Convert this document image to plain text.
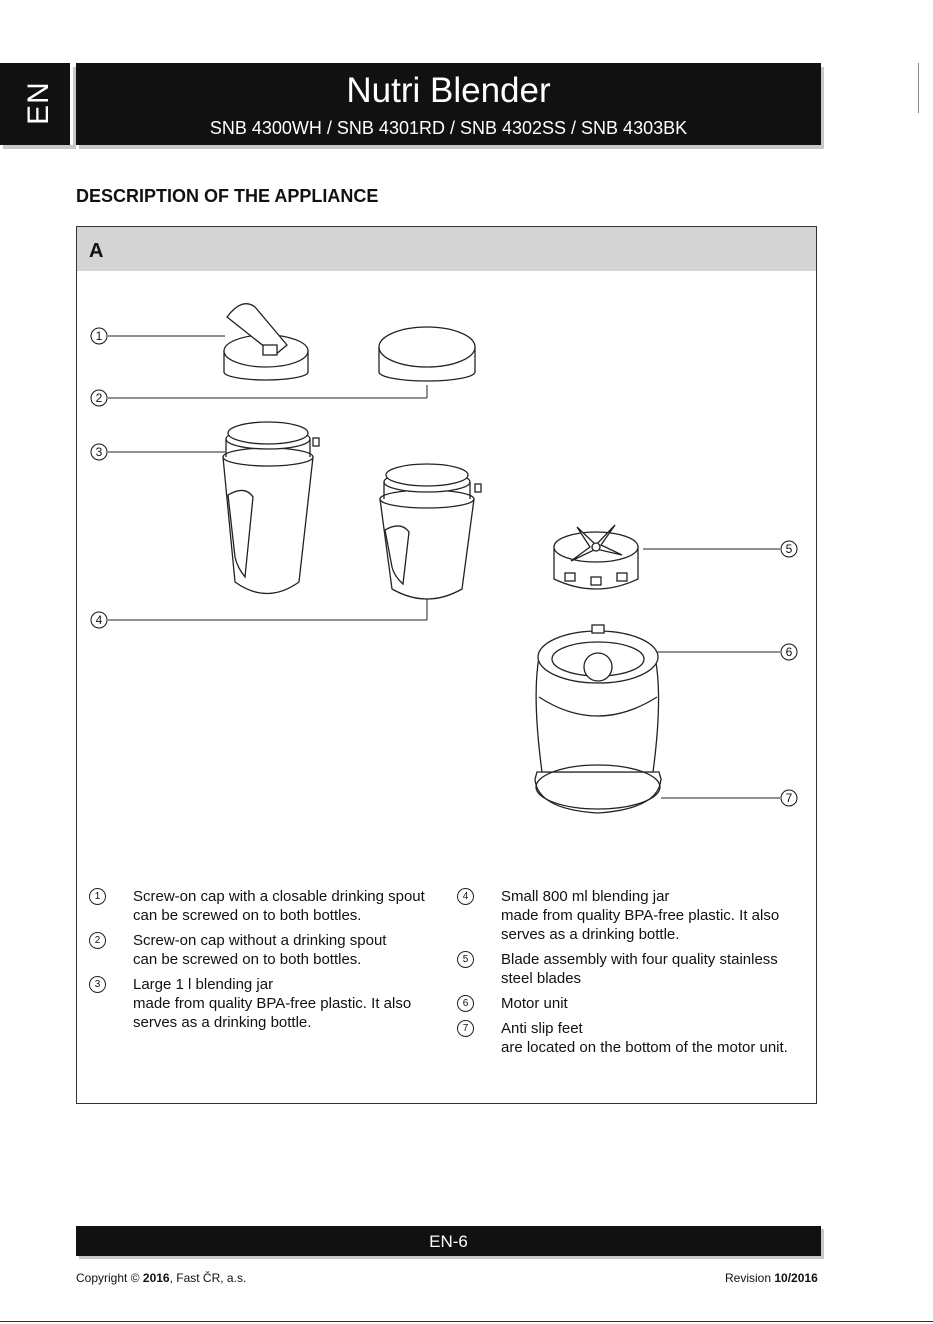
EN	Nutri Blender
SNB 4300WH / SNB 4301RD / SNB 4302SS / SNB 4303BK
DESCRIPTION OF THE APPLIANCE
A
1
2
3
4
5
6
7
1	Screw-on cap with a closable drinking spout
can be screwed on to both bottles.
2	Screw-on cap without a drinking spout
can be screwed on to both bottles.
3	Large 1 l blending jar
made from quality BPA-free plastic. It also serves as a drinking bottle.
4	Small 800 ml blending jar
made from quality BPA-free plastic. It also serves as a drinking bottle.
5	Blade assembly with four quality stainless steel blades
6	Motor unit
7	Anti slip feet
are located on the bottom of the motor unit.
EN-6
Copyright © 2016, Fast ČR, a.s.	Revision 10/2016
